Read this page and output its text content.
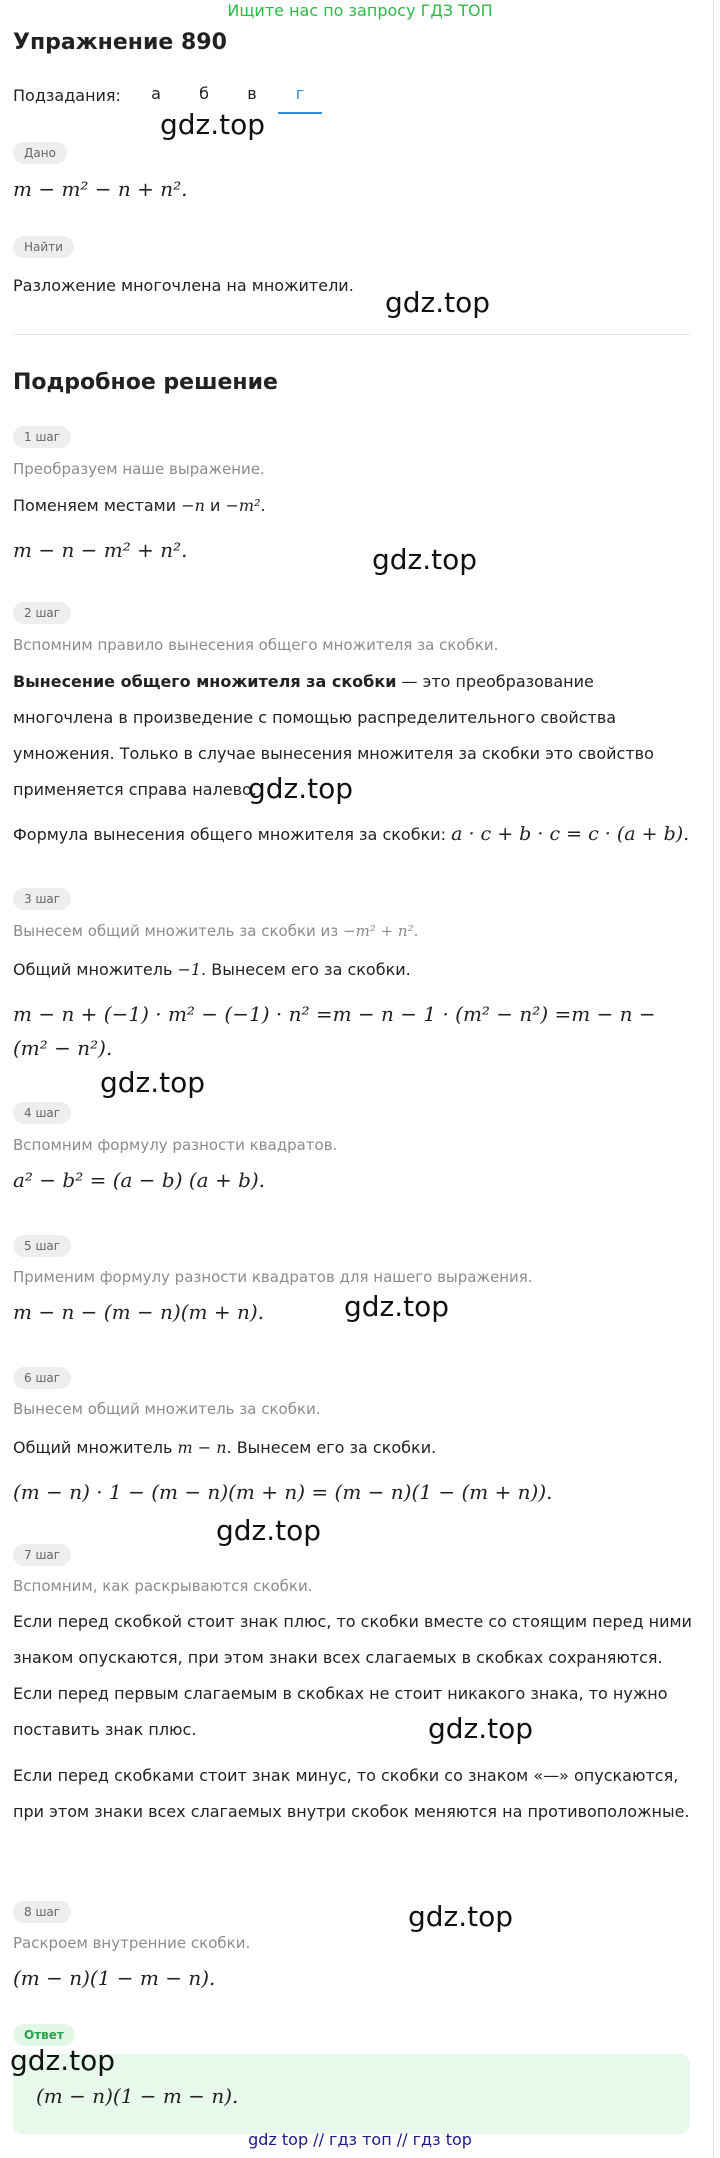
Ищите нас по запросу ГДЗ ТОП
Упражнение 890
Подзадания:	а	б	в	г
Дано
m − m² − n + n².
Найти
Разложение многочлена на множители.
Подробное решение
1 шаг
Преобразуем наше выражение.
Поменяем местами −n и −m².
m − n − m² + n².
2 шаг
Вспомним правило вынесения общего множителя за скобки.
Вынесение общего множителя за скобки — это преобразование многочлена в произведение с помощью распределительного свойства умножения. Только в случае вынесения множителя за скобки это свойство применяется справа налево.
Формула вынесения общего множителя за скобки: a · c + b · c = c · (a + b).
3 шаг
Вынесем общий множитель за скобки из −m² + n².
Общий множитель −1. Вынесем его за скобки.
m − n + (−1) · m² − (−1) · n² =m − n − 1 · (m² − n²) =m − n −
(m² − n²).
4 шаг
Вспомним формулу разности квадратов.
a² − b² = (a − b) (a + b).
5 шаг
Применим формулу разности квадратов для нашего выражения.
m − n − (m − n)(m + n).
6 шаг
Вынесем общий множитель за скобки.
Общий множитель m − n. Вынесем его за скобки.
(m − n) · 1 − (m − n)(m + n) = (m − n)(1 − (m + n)).
7 шаг
Вспомним, как раскрываются скобки.
Если перед скобкой стоит знак плюс, то скобки вместе со стоящим перед ними знаком опускаются, при этом знаки всех слагаемых в скобках сохраняются. Если перед первым слагаемым в скобках не стоит никакого знака, то нужно поставить знак плюс.
Если перед скобками стоит знак минус, то скобки со знаком «—» опускаются, при этом знаки всех слагаемых внутри скобок меняются на противоположные.
8 шаг
Раскроем внутренние скобки.
(m − n)(1 − m − n).
Ответ
(m − n)(1 − m − n).
gdz.top
gdz.top
gdz.top
gdz.top
gdz.top
gdz.top
gdz.top
gdz.top
gdz.top
gdz.top
gdz top // гдз топ // гдз top
